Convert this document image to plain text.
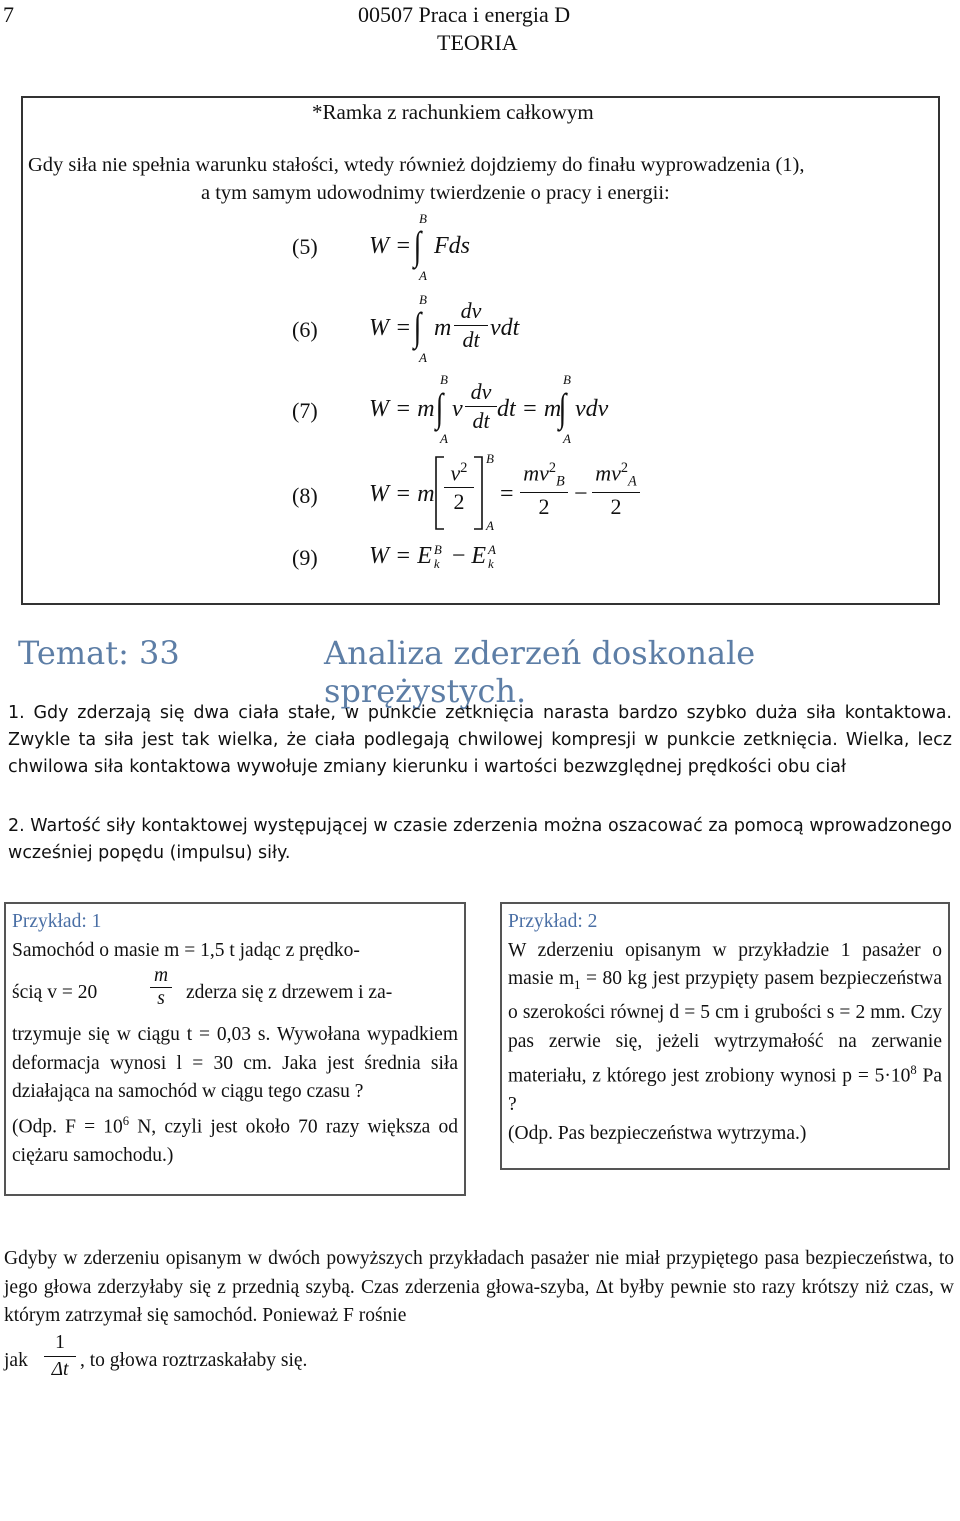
7	00507 Praca i energia D
TEORIA
*Ramka z rachunkiem całkowym
Gdy siła nie spełnia warunku stałości, wtedy również dojdziemy do finału wyprowadzenia (1),
a tym samym udowodnimy twierdzenie o pracy i energii:
(5) W =
B
∫
A
Fds
(6) W =
B
∫
A
m
dv
dt vdt
(7) W = m
B
∫
A
v
dv
dt dt = m
B
∫
A
vdv
(8) W = m
$v^2$
2
B
A
=
$mv^2_B$
2	−
$mv^2_A$
2
(9) W = E B
k − E A
k
Temat: 33	Analiza zderzeń doskonale sprężystych.
1. Gdy zderzają się dwa ciała stałe, w punkcie zetknięcia narasta bardzo szybko duża siła kontaktowa. Zwykle ta siła jest tak wielka, że ciała podlegają chwilowej kompresji w punkcie zetknięcia. Wielka, lecz chwilowa siła kontaktowa wywołuje zmiany kierunku i wartości bezwzględnej prędkości obu ciał
2. Wartość siły kontaktowej występującej w czasie zderzenia można oszacować za pomocą wprowadzonego wcześniej popędu (impulsu) siły.
Przykład: 1
Samochód o masie m = 1,5 t jadąc z prędko-
ścią v = 20
m
s	zderza się z drzewem i za-
trzymuje się w ciągu t = 0,03 s. Wywołana wypadkiem deformacja wynosi l = 30 cm. Jaka jest średnia siła działająca na samochód w ciągu tego czasu ?
(Odp. $F = 10^6$ N, czyli jest około 70 razy większa od ciężaru samochodu.)
Przykład: 2
W zderzeniu opisanym w przykładzie 1 pasażer o masie $m_1 = 80$ kg jest przypięty pasem bezpieczeństwa o szerokości równej d = 5 cm i grubości s = 2 mm. Czy pas zerwie się, jeżeli wytrzymałość na zerwanie materiału, z którego jest zrobiony wynosi $p = 5\cdot 10^8$ Pa ?
(Odp. Pas bezpieczeństwa wytrzyma.)
Gdyby w zderzeniu opisanym w dwóch powyższych przykładach pasażer nie miał przypiętego pasa bezpieczeństwa, to jego głowa zderzyłaby się z przednią szybą. Czas zderzenia głowa-szyba, Δt byłby pewnie sto razy krótszy niż czas, w którym zatrzymał się samochód. Ponieważ F rośnie
jak
1
Δt , to głowa roztrzaskałaby się.
